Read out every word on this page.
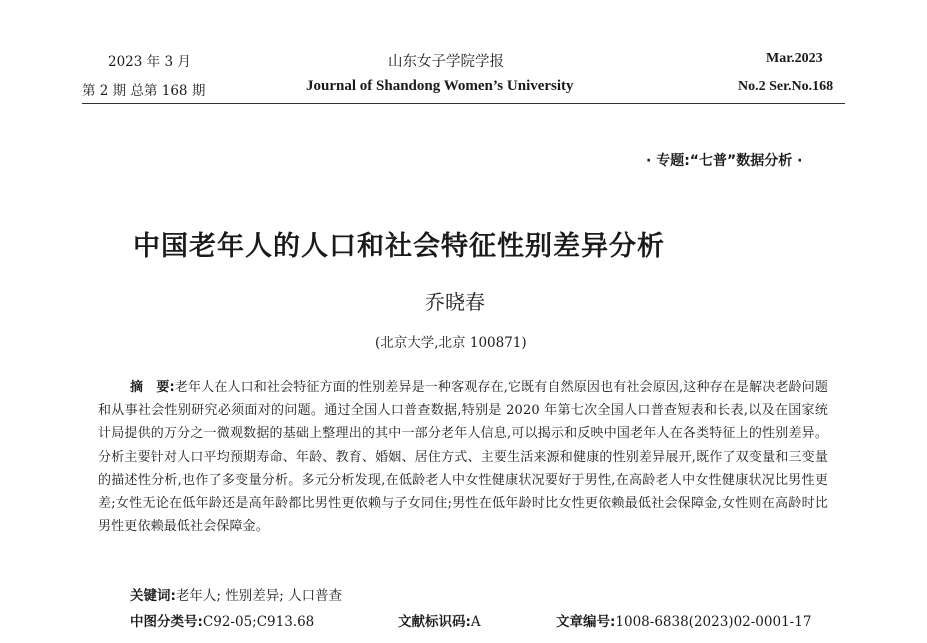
2023 年 3 月
第 2 期 总第 168 期
山东女子学院学报
Journal of Shandong Women’s University
Mar.2023
No.2 Ser.No.168
· 专题:“七普”数据分析 ·
中国老年人的人口和社会特征性别差异分析
乔晓春
(北京大学,北京 100871)
摘　要:老年人在人口和社会特征方面的性别差异是一种客观存在,它既有自然原因也有社会原因,这种存在是解决老龄问题和从事社会性别研究必须面对的问题。通过全国人口普查数据,特别是 2020 年第七次全国人口普查短表和长表,以及在国家统计局提供的万分之一微观数据的基础上整理出的其中一部分老年人信息,可以揭示和反映中国老年人在各类特征上的性别差异。分析主要针对人口平均预期寿命、年龄、教育、婚姻、居住方式、主要生活来源和健康的性别差异展开,既作了双变量和三变量的描述性分析,也作了多变量分析。多元分析发现,在低龄老人中女性健康状况要好于男性,在高龄老人中女性健康状况比男性更差;女性无论在低年龄还是高年龄都比男性更依赖与子女同住;男性在低年龄时比女性更依赖最低社会保障金,女性则在高龄时比男性更依赖最低社会保障金。
关键词:老年人; 性别差异; 人口普查
中图分类号:C92-05;C913.68	文献标识码:A	文章编号:1008-6838(2023)02-0001-17
